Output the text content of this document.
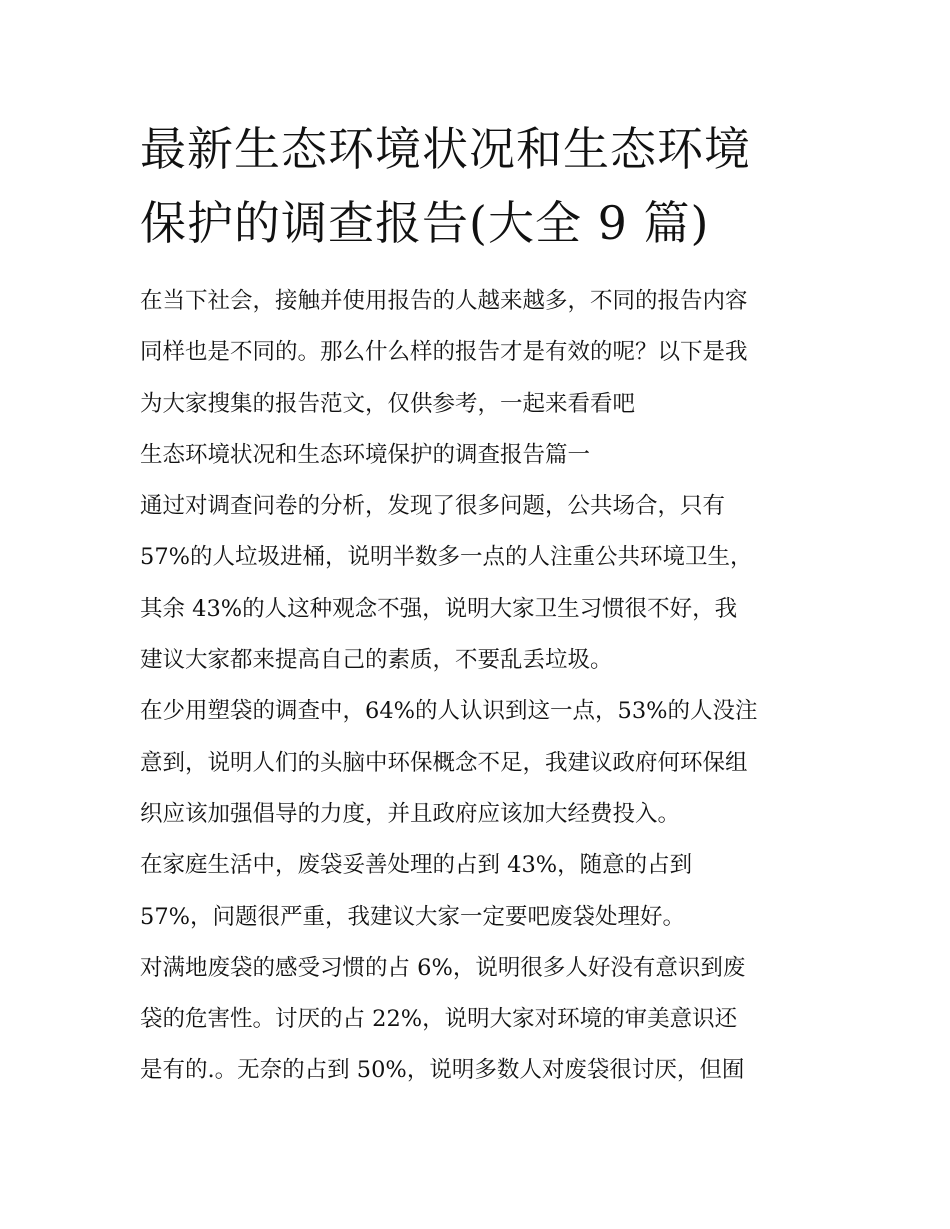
最新生态环境状况和生态环境
保护的调查报告(大全 9 篇)
在当下社会，接触并使用报告的人越来越多，不同的报告内容
同样也是不同的。那么什么样的报告才是有效的呢？以下是我
为大家搜集的报告范文，仅供参考，一起来看看吧
生态环境状况和生态环境保护的调查报告篇一
通过对调查问卷的分析，发现了很多问题，公共场合，只有
57%的人垃圾进桶，说明半数多一点的人注重公共环境卫生，
其余 43%的人这种观念不强，说明大家卫生习惯很不好，我
建议大家都来提高自己的素质，不要乱丢垃圾。
在少用塑袋的调查中，64%的人认识到这一点，53%的人没注
意到，说明人们的头脑中环保概念不足，我建议政府何环保组
织应该加强倡导的力度，并且政府应该加大经费投入。
在家庭生活中，废袋妥善处理的占到 43%，随意的占到
57%，问题很严重，我建议大家一定要吧废袋处理好。
对满地废袋的感受习惯的占 6%，说明很多人好没有意识到废
袋的危害性。讨厌的占 22%，说明大家对环境的审美意识还
是有的.。无奈的占到 50%，说明多数人对废袋很讨厌，但囿
